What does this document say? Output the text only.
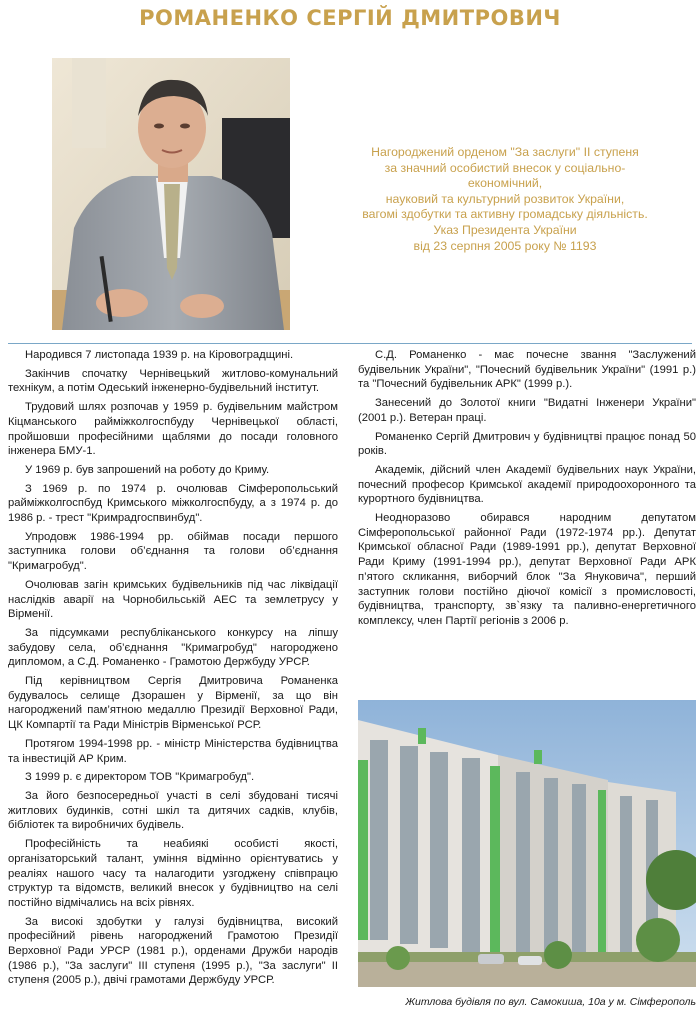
РОМАНЕНКО СЕРГІЙ ДМИТРОВИЧ
Нагороджений орденом "За заслуги" II ступеня
за значний особистий внесок у соціально-
економічний,
науковий та культурний розвиток України,
вагомі здобутки та активну громадську діяльність.
Указ Президента України
від 23 серпня 2005 року № 1193

Народився 7 листопада 1939 р. на Кіровоградщині.

Закінчив спочатку Чернівецький житлово-комунальний технікум, а потім Одеський інженерно-будівельний інститут.

Трудовий шлях розпочав у 1959 р. будівельним майстром Кіцманського райміжколгоспбуду Чернівецької області, пройшовши професійними щаблями до посади головного інженера БМУ-1.

У 1969 р. був запрошений на роботу до Криму.

З 1969 р. по 1974 р. очолював Сімферопольський райміжколгоспбуд Кримського міжколгоспбуду, а з 1974 р. до 1986 р. - трест "Кримрадгоспвинбуд".

Упродовж 1986-1994 рр. обіймав посади першого заступника голови об’єднання та голови об’єднання "Кримагробуд".

Очолював загін кримських будівельників під час ліквідації наслідків аварії на Чорнобильській АЕС та землетрусу у Вірменії.

За підсумками республіканського конкурсу на ліпшу забудову села, об’єднання "Кримагробуд" нагороджено дипломом, а С.Д. Романенко - Грамотою Держбуду УРСР.

Під керівництвом Сергія Дмитровича Романенка будувалось селище Дзорашен у Вірменії, за що він нагороджений пам’ятною медаллю Президії Верховної Ради, ЦК Компартії та Ради Міністрів Вірменської РСР.

Протягом 1994-1998 рр. - міністр Міністерства будівництва та інвестицій АР Крим.

З 1999 р. є директором ТОВ "Кримагробуд".

За його безпосередньої участі в селі збудовані тисячі житлових будинків, сотні шкіл та дитячих садків, клубів, бібліотек та виробничих будівель.

Професійність та неабиякі особисті якості, організаторський талант, уміння відмінно орієнтуватись у реаліях нашого часу та налагодити узгоджену співпрацю структур та відомств, великий внесок у будівництво на селі постійно відмічались на всіх рівнях.

За високі здобутки у галузі будівництва, високий професійний рівень нагороджений Грамотою Президії Верховної Ради УРСР (1981 р.), орденами Дружби народів (1986 р.), "За заслуги" III ступеня (1995 р.), "За заслуги" II ступеня (2005 р.), двічі грамотами Держбуду УРСР.

С.Д. Романенко - має почесне звання "Заслужений будівельник України", "Почесний будівельник України" (1991 р.) та "Почесний будівельник АРК" (1999 р.).

Занесений до Золотої книги "Видатні Інженери України" (2001 р.). Ветеран праці.

Романенко Сергій Дмитрович у будівництві працює понад 50 років.

Академік, дійсний член Академії будівельних наук України, почесний професор Кримської академії природоохоронного та курортного будівництва.

Неодноразово обирався народним депутатом Сімферопольської районної Ради (1972-1974 рр.). Депутат Кримської обласної Ради (1989-1991 рр.), депутат Верховної Ради Криму (1991-1994 рр.), депутат Верховної Ради АРК п’ятого скликання, виборчий блок "За Януковича", перший заступник голови постійно діючої комісії з промисловості, будівництва, транспорту, зв`язку та паливно-енергетичного комплексу, член Партії регіонів з 2006 р.

Житлова будівля по вул. Самокиша, 10а у м. Сімферополь
